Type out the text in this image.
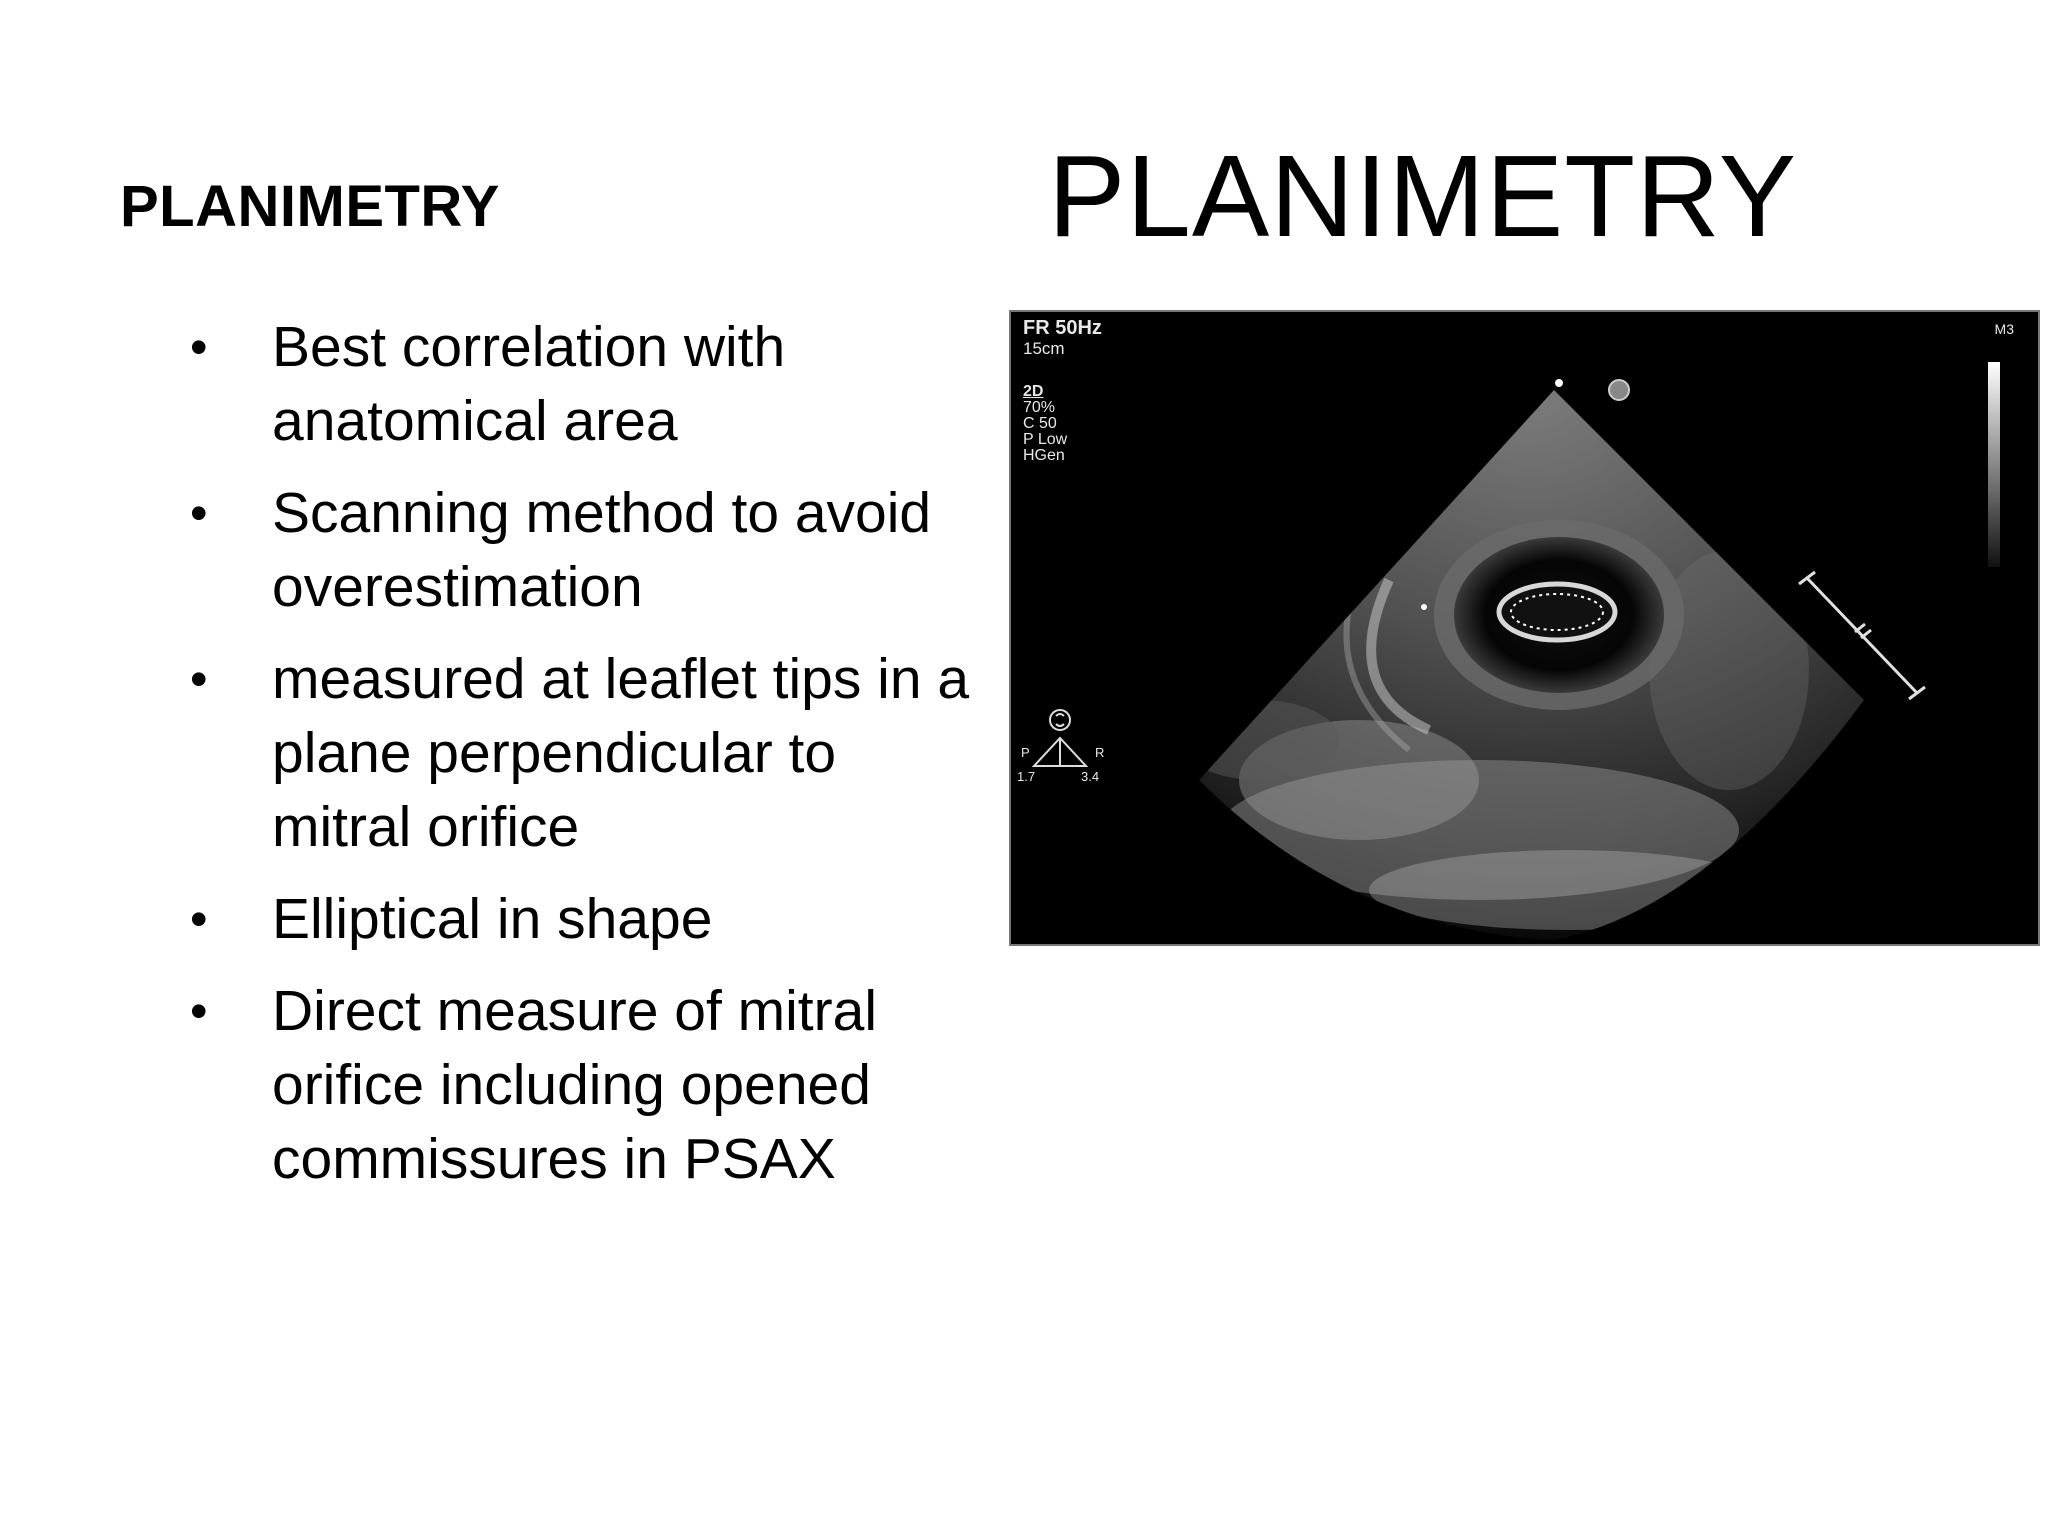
PLANIMETRY	PLANIMETRY
• Best correlation with anatomical area
• Scanning method to avoid overestimation
• measured at leaflet tips in a plane perpendicular to mitral orifice
• Elliptical in shape
• Direct measure of mitral orifice including opened commissures in PSAX
FR 50Hz
15cm
2D
70%
C 50
P Low
HGen
M3
P	R
1.7	3.4
